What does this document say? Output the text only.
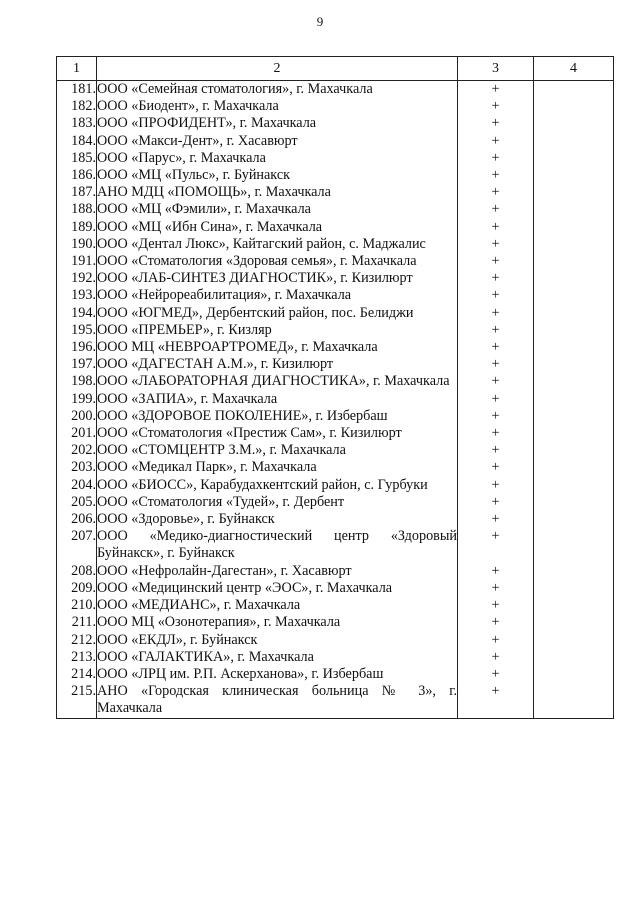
9
1	2	3	4
181.	ООО «Семейная стоматология», г. Махачкала	+	
182.	ООО «Биодент», г. Махачкала	+	
183.	ООО «ПРОФИДЕНТ», г. Махачкала	+	
184.	ООО «Макси-Дент», г. Хасавюрт	+	
185.	ООО «Парус», г. Махачкала	+	
186.	ООО «МЦ «Пульс», г. Буйнакск	+	
187.	АНО МДЦ «ПОМОЩЬ», г. Махачкала	+	
188.	ООО «МЦ «Фэмили», г. Махачкала	+	
189.	ООО «МЦ «Ибн Сина», г. Махачкала	+	
190.	ООО «Дентал Люкс», Кайтагский район, с. Маджалис	+	
191.	ООО «Стоматология «Здоровая семья», г. Махачкала	+	
192.	ООО «ЛАБ-СИНТЕЗ ДИАГНОСТИК», г. Кизилюрт	+	
193.	ООО «Нейрореабилитация», г. Махачкала	+	
194.	ООО «ЮГМЕД», Дербентский район, пос. Белиджи	+	
195.	ООО «ПРЕМЬЕР», г. Кизляр	+	
196.	ООО МЦ «НЕВРОАРТРОМЕД», г. Махачкала	+	
197.	ООО «ДАГЕСТАН А.М.», г. Кизилюрт	+	
198.	ООО «ЛАБОРАТОРНАЯ ДИАГНОСТИКА», г. Махачкала	+	
199.	ООО «ЗАПИА», г. Махачкала	+	
200.	ООО «ЗДОРОВОЕ ПОКОЛЕНИЕ», г. Избербаш	+	
201.	ООО «Стоматология «Престиж Сам», г. Кизилюрт	+	
202.	ООО «СТОМЦЕНТР З.М.», г. Махачкала	+	
203.	ООО «Медикал Парк», г. Махачкала	+	
204.	ООО «БИОСС», Карабудахкентский район, с. Гурбуки	+	
205.	ООО «Стоматология «Тудей», г. Дербент	+	
206.	ООО «Здоровье», г. Буйнакск	+	
207.	ООО «Медико-диагностический центр «Здоровый Буйнакск», г. Буйнакск	+	
208.	ООО «Нефролайн-Дагестан», г. Хасавюрт	+	
209.	ООО «Медицинский центр «ЭОС», г. Махачкала	+	
210.	ООО «МЕДИАНС», г. Махачкала	+	
211.	ООО МЦ «Озонотерапия», г. Махачкала	+	
212.	ООО «ЕКДЛ», г. Буйнакск	+	
213.	ООО «ГАЛАКТИКА», г. Махачкала	+	
214.	ООО «ЛРЦ им. Р.П. Аскерханова», г. Избербаш	+	
215.	АНО «Городская клиническая больница № 3», г. Махачкала	+	
